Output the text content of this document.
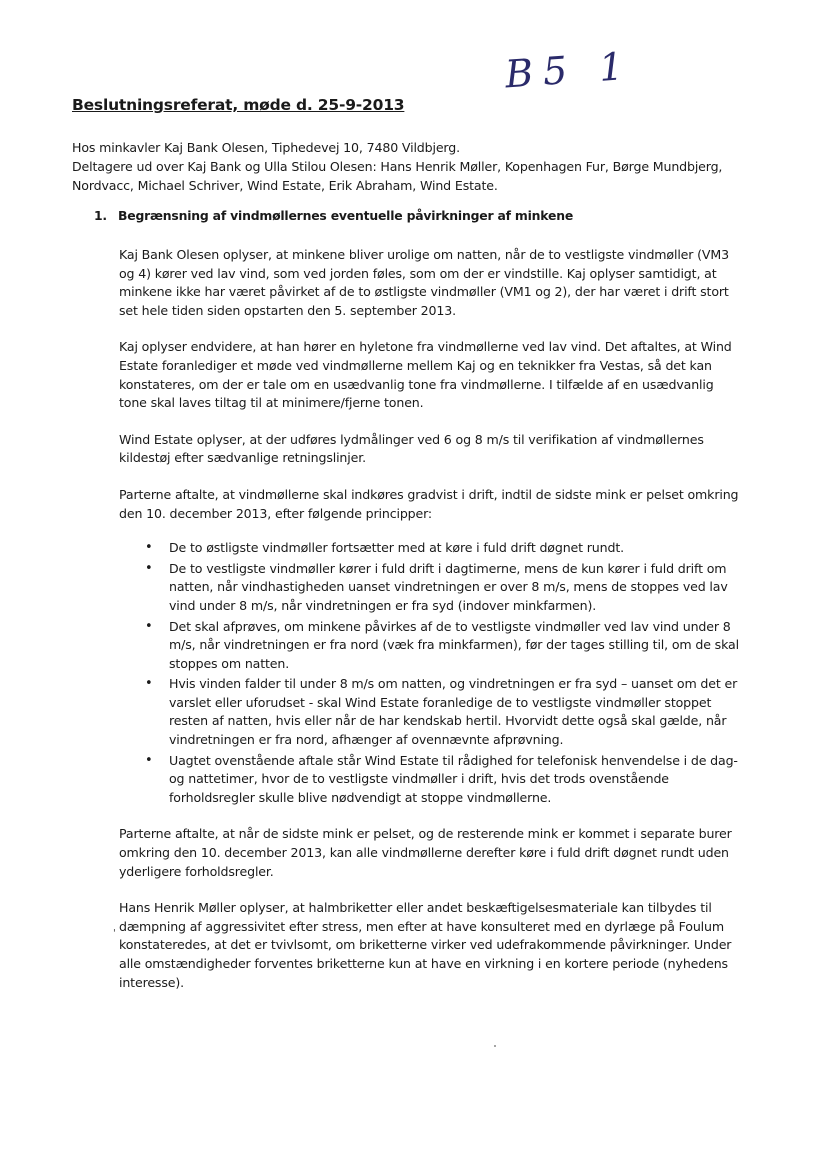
B5 1
Beslutningsreferat, møde d. 25-9-2013

Hos minkavler Kaj Bank Olesen, Tiphedevej 10, 7480 Vildbjerg.

Deltagere ud over Kaj Bank og Ulla Stilou Olesen: Hans Henrik Møller, Kopenhagen Fur, Børge Mundbjerg, Nordvacc, Michael Schriver, Wind Estate, Erik Abraham, Wind Estate.

1. Begrænsning af vindmøllernes eventuelle påvirkninger af minkene

Kaj Bank Olesen oplyser, at minkene bliver urolige om natten, når de to vestligste vindmøller (VM3 og 4) kører ved lav vind, som ved jorden føles, som om der er vindstille. Kaj oplyser samtidigt, at minkene ikke har været påvirket af de to østligste vindmøller (VM1 og 2), der har været i drift stort set hele tiden siden opstarten den 5. september 2013.

Kaj oplyser endvidere, at han hører en hyletone fra vindmøllerne ved lav vind. Det aftaltes, at Wind Estate foranlediger et møde ved vindmøllerne mellem Kaj og en teknikker fra Vestas, så det kan konstateres, om der er tale om en usædvanlig tone fra vindmøllerne. I tilfælde af en usædvanlig tone skal laves tiltag til at minimere/fjerne tonen.

Wind Estate oplyser, at der udføres lydmålinger ved 6 og 8 m/s til verifikation af vindmøllernes kildestøj efter sædvanlige retningslinjer.

Parterne aftalte, at vindmøllerne skal indkøres gradvist i drift, indtil de sidste mink er pelset omkring den 10. december 2013, efter følgende principper:

• De to østligste vindmøller fortsætter med at køre i fuld drift døgnet rundt.
• De to vestligste vindmøller kører i fuld drift i dagtimerne, mens de kun kører i fuld drift om natten, når vindhastigheden uanset vindretningen er over 8 m/s, mens de stoppes ved lav vind under 8 m/s, når vindretningen er fra syd (indover minkfarmen).
• Det skal afprøves, om minkene påvirkes af de to vestligste vindmøller ved lav vind under 8 m/s, når vindretningen er fra nord (væk fra minkfarmen), før der tages stilling til, om de skal stoppes om natten.
• Hvis vinden falder til under 8 m/s om natten, og vindretningen er fra syd – uanset om det er varslet eller uforudset - skal Wind Estate foranledige de to vestligste vindmøller stoppet resten af natten, hvis eller når de har kendskab hertil. Hvorvidt dette også skal gælde, når vindretningen er fra nord, afhænger af ovennævnte afprøvning.
• Uagtet ovenstående aftale står Wind Estate til rådighed for telefonisk henvendelse i de dag- og nattetimer, hvor de to vestligste vindmøller i drift, hvis det trods ovenstående forholdsregler skulle blive nødvendigt at stoppe vindmøllerne.

Parterne aftalte, at når de sidste mink er pelset, og de resterende mink er kommet i separate burer omkring den 10. december 2013, kan alle vindmøllerne derefter køre i fuld drift døgnet rundt uden yderligere forholdsregler.

Hans Henrik Møller oplyser, at halmbriketter eller andet beskæftigelsesmateriale kan tilbydes til dæmpning af aggressivitet efter stress, men efter at have konsulteret med en dyrlæge på Foulum konstateredes, at det er tvivlsomt, om briketterne virker ved udefrakommende påvirkninger. Under alle omstændigheder forventes briketterne kun at have en virkning i en kortere periode (nyhedens interesse).

'
